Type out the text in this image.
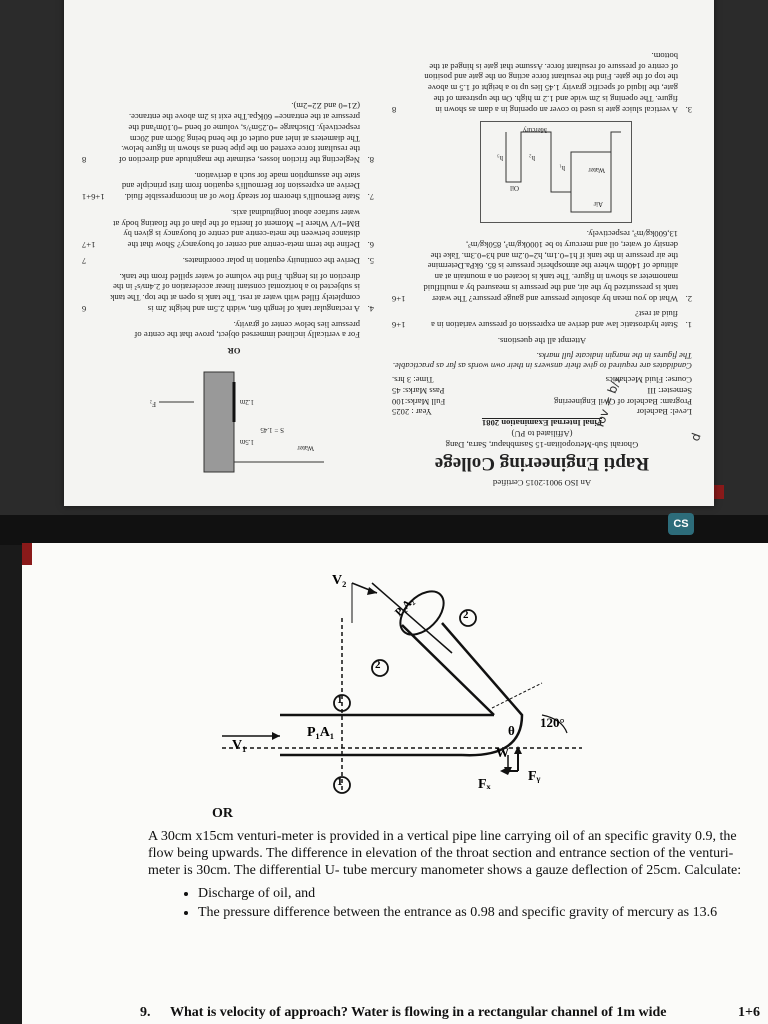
An ISO 9001:2015 Certified
Rapti Engineering College
Ghorahi Sub-Metropolitan-15 Sasmbhapur, Sarra, Dang
(Affiliated to PU)
Final Internal Examination 2081
Level: Bachelor
Year : 2025
Program: Bachelor of Civil Engineering
Full Marks:100
Semester: III
Pass Marks: 45
Course: Fluid Mechanics
Time: 3 hrs.
Candidates are required to give their answers in their own words as far as practicable. The figures in the margin indicate full marks.
Attempt all the questions.
1.
State hydrostatic law and derive an expression of pressure variation in a fluid at rest?
1+6
2.
What do you mean by absolute pressure and gauge pressure? The water tank is pressurized by the air, and the pressure is measured by a multifluid manometer as shown in figure. The tank is located on a mountain at an altitude of 1400m where the atmospheric pressure is 85. 6kPa.Determine the air pressure in the tank if h1=0.1m, h2=0.2m and h3=0.3m. Take the density of water, oil and mercury to be 1000kg/m³, 850kg/m³, 13,600kg/m³, respectively.
1+6
Air
Water
Oil
Mercury
h₁
h₂
h₃
3.
A vertical sluice gate is used to cover an opening in a dam as shown in figure. The opening is 2m wide and 1.2 m high. On the upstream of the gate, the liquid of specific gravity 1.45 lies up to a height of 1.5 m above the top of the gate. Find the resultant force acting on the gate and position of centre of pressure of resultant force. Assume that gate is hinged at the bottom.
8
Water
S = 1.45
1.5m
1.2m
F₂
OR
For a vertically inclined immersed object, prove that the centre of pressure lies below center of gravity.
4.
A rectangular tank of length 6m, width 2.5m and height 2m is completely filled with water at rest. The tank is open at the top. The tank is subjected to a horizontal constant linear acceleration of 2.4m/s² in the direction of its length. Find the volume of water spilled from the tank.
6
5.
Derive the continuity equation in polar coordinates.
7
6.
Define the term meta-centre and center of buoyancy? Show that the distance between the meta-centre and centre of buoyancy is given by BM=I/V Where I= Moment of Inertia of the plan of the floating body at water surface about longitudinal axis.
1+7
7.
State Bernoulli's theorem for steady flow of an incompressible fluid. Derive an expression for Bernoulli's equation from first principle and state the assumption made for such a derivation.
1+6+1
8.
Neglecting the friction losses, estimate the magnitude and direction of the resultant force exerted on the pipe bend as shown in figure below. The diameters at inlet and outlet of the bend being 30cm and 20cm respectively. Discharge =0.25m³/s, volume of bend =0.10m³and the pressure at the entrance= 60Kpa.The exit is 2m above the entrance. (Z1=0 and Z2=2m).
8
Iov = b/₂
d
CS
V₂
2
2
1
1
V₁
P₁A₁
120°
θ
W
Fₓ
Fᵧ
P₂A₂
OR
A 30cm x15cm venturi-meter is provided in a vertical pipe line carrying oil of an specific gravity 0.9, the flow being upwards. The difference in elevation of the throat section and entrance section of the venturi-meter is 30cm. The differential U- tube mercury manometer shows a gauze deflection of 25cm. Calculate:
• Discharge of oil, and
• The pressure difference between the entrance as 0.98 and specific gravity of mercury as 13.6
9.	What is velocity of approach? Water is flowing in a rectangular channel of 1m wide	1+6
